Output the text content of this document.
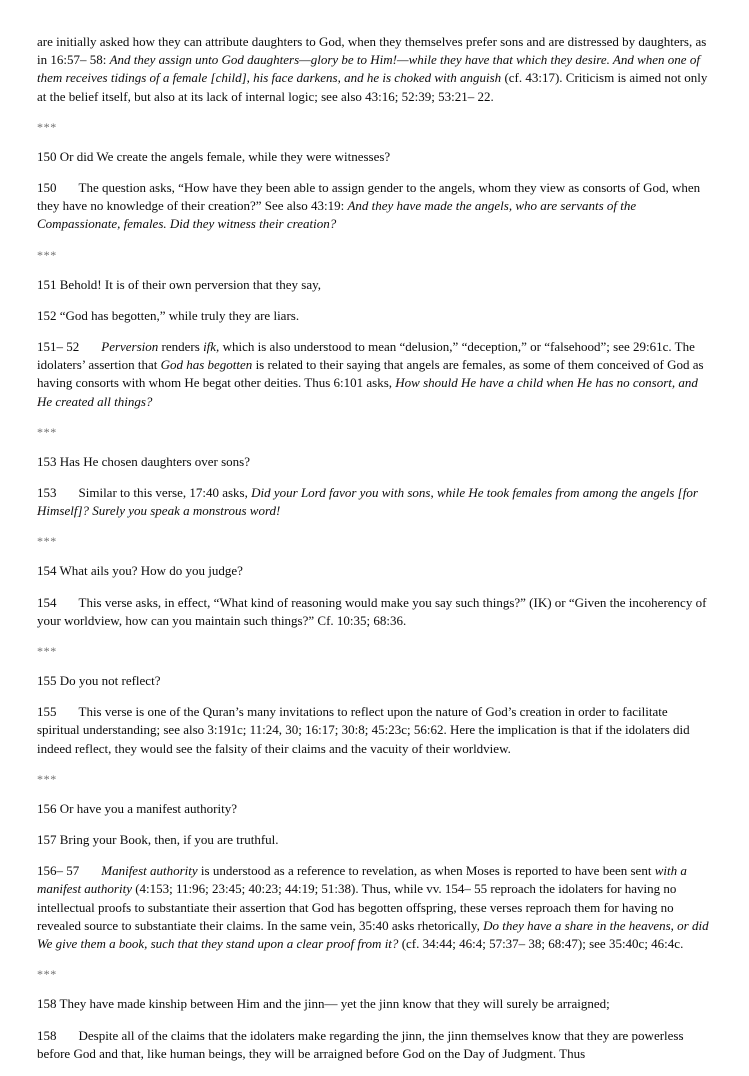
are initially asked how they can attribute daughters to God, when they themselves prefer sons and are distressed by daughters, as in 16:57– 58: And they assign unto God daughters—glory be to Him!—while they have that which they desire. And when one of them receives tidings of a female [child], his face darkens, and he is choked with anguish (cf. 43:17). Criticism is aimed not only at the belief itself, but also at its lack of internal logic; see also 43:16; 52:39; 53:21– 22.

***

150 Or did We create the angels female, while they were witnesses?

150 The question asks, “How have they been able to assign gender to the angels, whom they view as consorts of God, when they have no knowledge of their creation?” See also 43:19: And they have made the angels, who are servants of the Compassionate, females. Did they witness their creation?

***

151 Behold! It is of their own perversion that they say,

152 “God has begotten,” while truly they are liars.

151– 52 Perversion renders ifk, which is also understood to mean “delusion,” “deception,” or “falsehood”; see 29:61c. The idolaters’ assertion that God has begotten is related to their saying that angels are females, as some of them conceived of God as having consorts with whom He begat other deities. Thus 6:101 asks, How should He have a child when He has no consort, and He created all things?

***

153 Has He chosen daughters over sons?

153 Similar to this verse, 17:40 asks, Did your Lord favor you with sons, while He took females from among the angels [for Himself]? Surely you speak a monstrous word!

***

154 What ails you? How do you judge?

154 This verse asks, in effect, “What kind of reasoning would make you say such things?” (IK) or “Given the incoherency of your worldview, how can you maintain such things?” Cf. 10:35; 68:36.

***

155 Do you not reflect?

155 This verse is one of the Quran’s many invitations to reflect upon the nature of God’s creation in order to facilitate spiritual understanding; see also 3:191c; 11:24, 30; 16:17; 30:8; 45:23c; 56:62. Here the implication is that if the idolaters did indeed reflect, they would see the falsity of their claims and the vacuity of their worldview.

***

156 Or have you a manifest authority?

157 Bring your Book, then, if you are truthful.

156– 57 Manifest authority is understood as a reference to revelation, as when Moses is reported to have been sent with a manifest authority (4:153; 11:96; 23:45; 40:23; 44:19; 51:38). Thus, while vv. 154– 55 reproach the idolaters for having no intellectual proofs to substantiate their assertion that God has begotten offspring, these verses reproach them for having no revealed source to substantiate their claims. In the same vein, 35:40 asks rhetorically, Do they have a share in the heavens, or did We give them a book, such that they stand upon a clear proof from it? (cf. 34:44; 46:4; 57:37– 38; 68:47); see 35:40c; 46:4c.

***

158 They have made kinship between Him and the jinn— yet the jinn know that they will surely be arraigned;

158 Despite all of the claims that the idolaters make regarding the jinn, the jinn themselves know that they are powerless before God and that, like human beings, they will be arraigned before God on the Day of Judgment. Thus
